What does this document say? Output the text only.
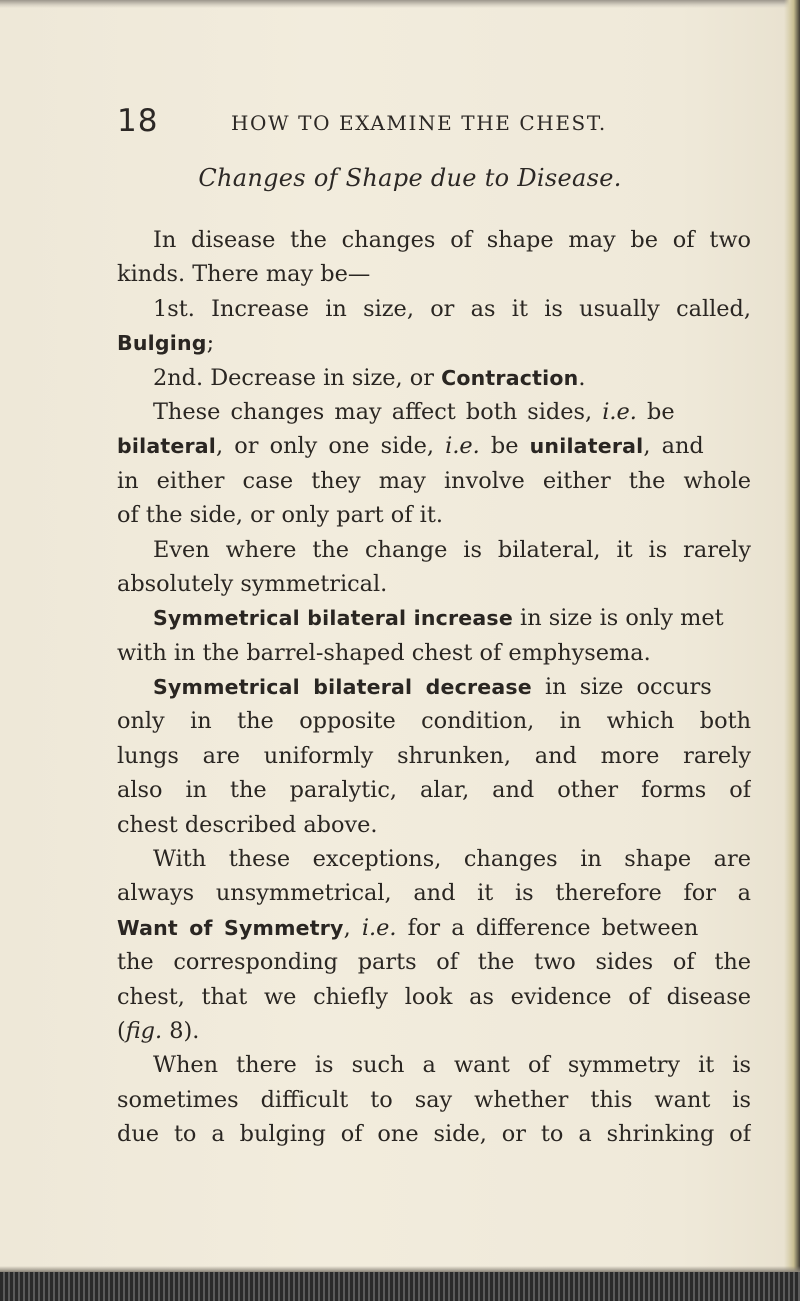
18	HOW TO EXAMINE THE CHEST.
Changes of Shape due to Disease.
In disease the changes of shape may be of two
kinds. There may be—
1st. Increase in size, or as it is usually called,
Bulging;
2nd. Decrease in size, or Contraction.
These changes may affect both sides, i.e. be
bilateral, or only one side, i.e. be unilateral, and
in either case they may involve either the whole
of the side, or only part of it.
Even where the change is bilateral, it is rarely
absolutely symmetrical.
Symmetrical bilateral increase in size is only met
with in the barrel-shaped chest of emphysema.
Symmetrical bilateral decrease in size occurs
only in the opposite condition, in which both
lungs are uniformly shrunken, and more rarely
also in the paralytic, alar, and other forms of
chest described above.
With these exceptions, changes in shape are
always unsymmetrical, and it is therefore for a
Want of Symmetry, i.e. for a difference between
the corresponding parts of the two sides of the
chest, that we chiefly look as evidence of disease
(fig. 8).
When there is such a want of symmetry it is
sometimes difficult to say whether this want is
due to a bulging of one side, or to a shrinking of
